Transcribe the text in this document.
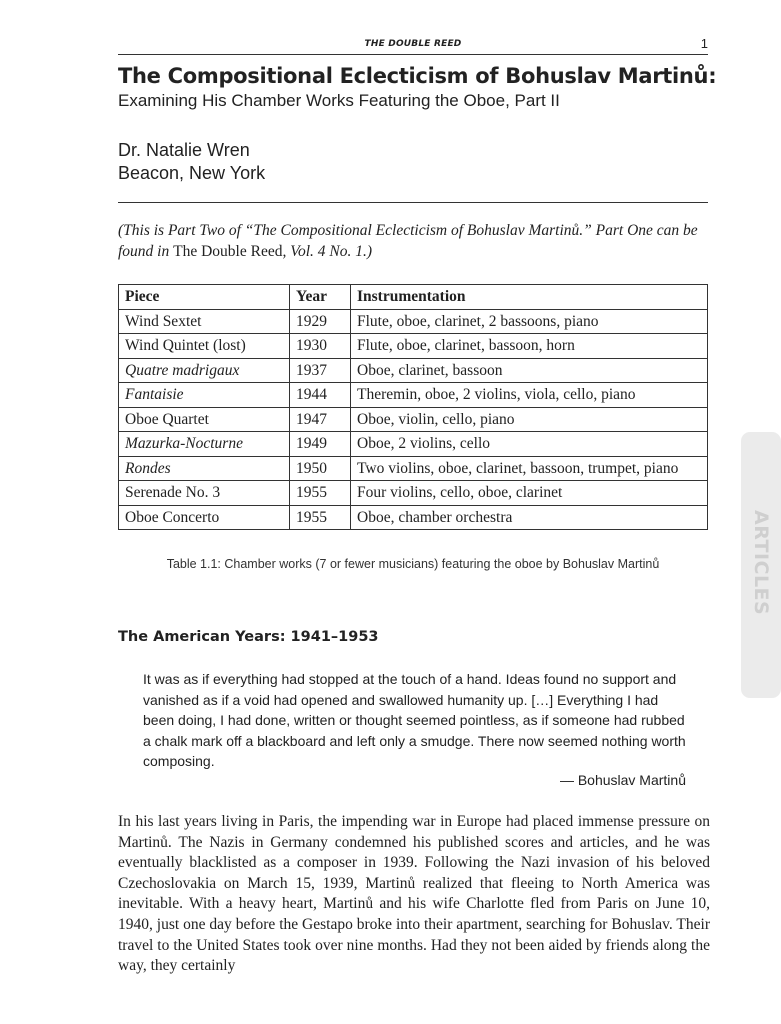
THE DOUBLE REED	1
The Compositional Eclecticism of Bohuslav Martinů:
Examining His Chamber Works Featuring the Oboe, Part II
Dr. Natalie Wren
Beacon, New York
(This is Part Two of “The Compositional Eclecticism of Bohuslav Martinů.” Part One can be found in The Double Reed, Vol. 4 No. 1.)
Piece	Year	Instrumentation
Wind Sextet	1929	Flute, oboe, clarinet, 2 bassoons, piano
Wind Quintet (lost)	1930	Flute, oboe, clarinet, bassoon, horn
Quatre madrigaux	1937	Oboe, clarinet, bassoon
Fantaisie	1944	Theremin, oboe, 2 violins, viola, cello, piano
Oboe Quartet	1947	Oboe, violin, cello, piano
Mazurka-Nocturne	1949	Oboe, 2 violins, cello
Rondes	1950	Two violins, oboe, clarinet, bassoon, trumpet, piano
Serenade No. 3	1955	Four violins, cello, oboe, clarinet
Oboe Concerto	1955	Oboe, chamber orchestra
Table 1.1: Chamber works (7 or fewer musicians) featuring the oboe by Bohuslav Martinů
The American Years: 1941–1953
It was as if everything had stopped at the touch of a hand. Ideas found no support and vanished as if a void had opened and swallowed humanity up. […] Everything I had been doing, I had done, written or thought seemed pointless, as if someone had rubbed a chalk mark off a blackboard and left only a smudge. There now seemed nothing worth composing.
— Bohuslav Martinů
In his last years living in Paris, the impending war in Europe had placed immense pressure on Martinů. The Nazis in Germany condemned his published scores and articles, and he was eventually blacklisted as a composer in 1939. Following the Nazi invasion of his beloved Czechoslovakia on March 15, 1939, Martinů realized that fleeing to North America was inevitable. With a heavy heart, Martinů and his wife Charlotte fled from Paris on June 10, 1940, just one day before the Gestapo broke into their apartment, searching for Bohuslav. Their travel to the United States took over nine months. Had they not been aided by friends along the way, they certainly
ARTICLES
